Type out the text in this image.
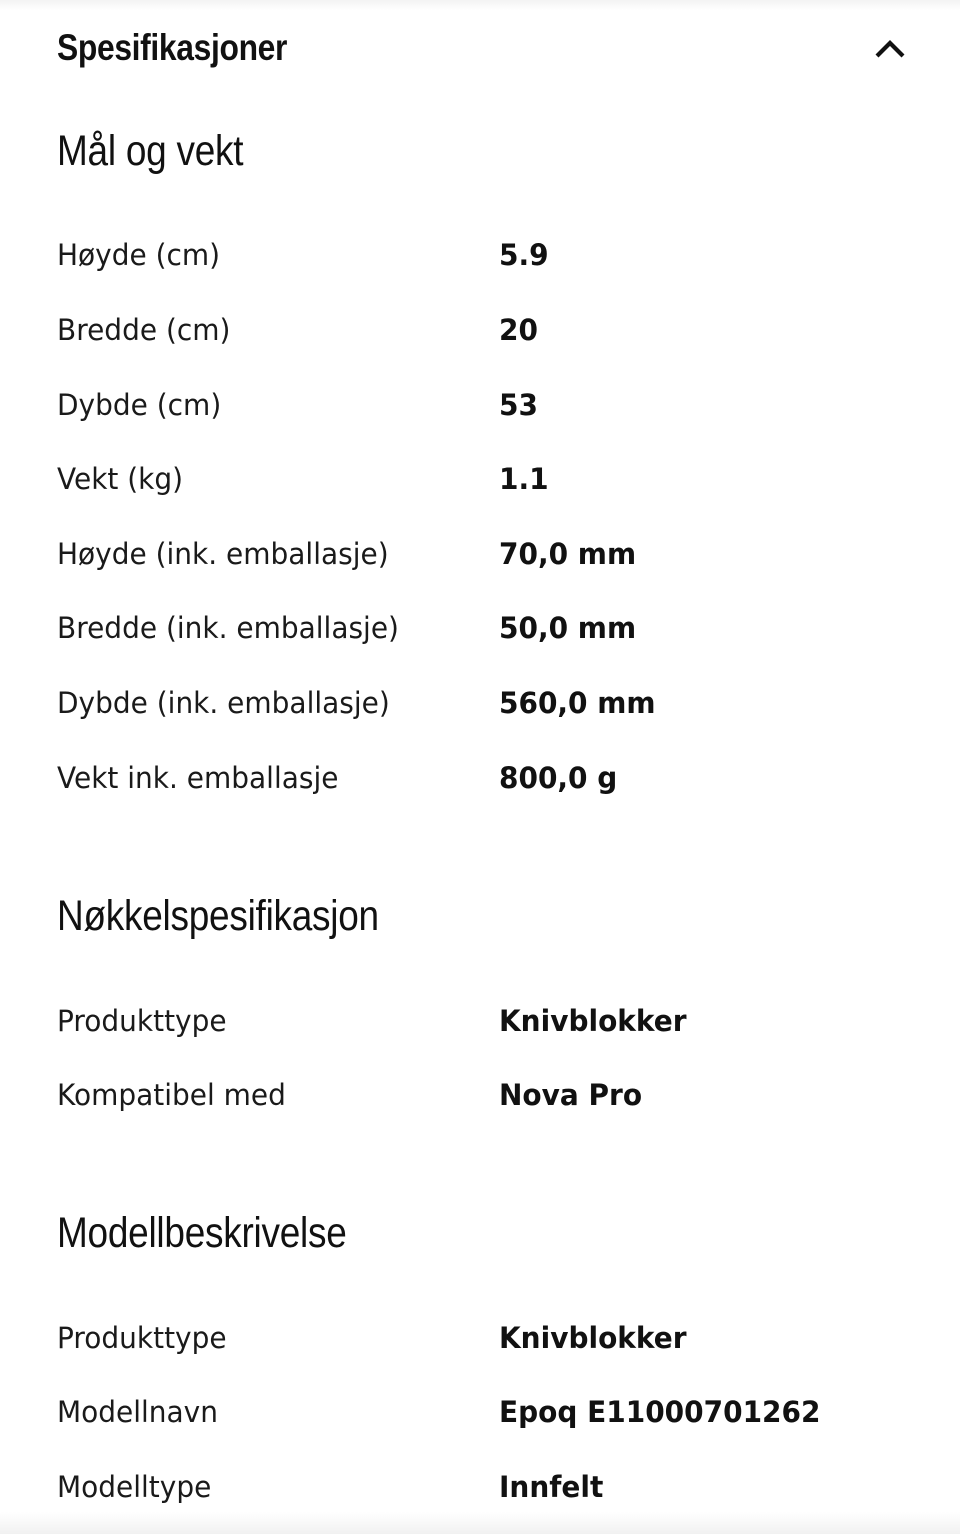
Spesifikasjoner
Mål og vekt
Høyde (cm)	5.9
Bredde (cm)	20
Dybde (cm)	53
Vekt (kg)	1.1
Høyde (ink. emballasje)	70,0 mm
Bredde (ink. emballasje)	50,0 mm
Dybde (ink. emballasje)	560,0 mm
Vekt ink. emballasje	800,0 g
Nøkkelspesifikasjon
Produkttype	Knivblokker
Kompatibel med	Nova Pro
Modellbeskrivelse
Produkttype	Knivblokker
Modellnavn	Epoq E11000701262
Modelltype	Innfelt
